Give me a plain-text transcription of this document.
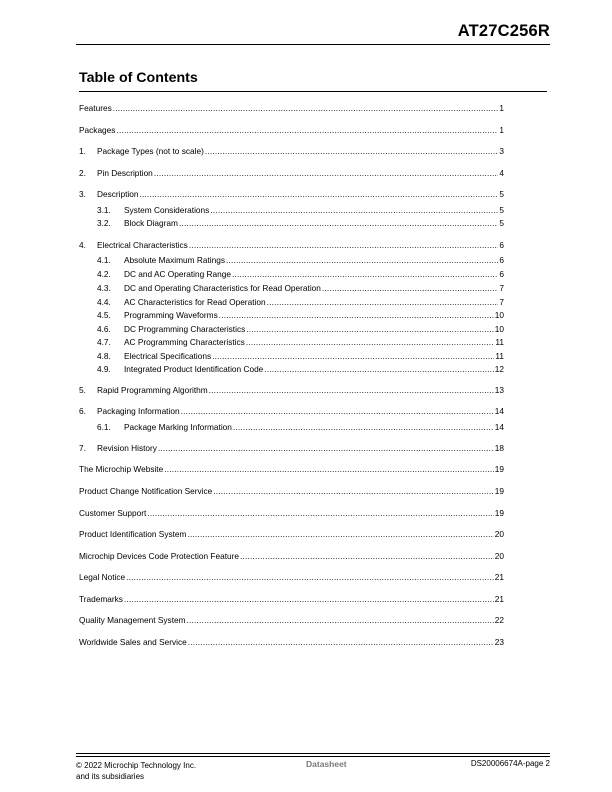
AT27C256R
Table of Contents
Features .....	1
Packages .....	1
1.	Package Types (not to scale) .....	3
2.	Pin Description .....	4
3.	Description .....	5
3.1.	System Considerations .....	5
3.2.	Block Diagram .....	5
4.	Electrical Characteristics .....	6
4.1.	Absolute Maximum Ratings .....	6
4.2.	DC and AC Operating Range .....	6
4.3.	DC and Operating Characteristics for Read Operation .....	7
4.4.	AC Characteristics for Read Operation .....	7
4.5.	Programming Waveforms .....	10
4.6.	DC Programming Characteristics .....	10
4.7.	AC Programming Characteristics .....	11
4.8.	Electrical Specifications .....	11
4.9.	Integrated Product Identification Code .....	12
5.	Rapid Programming Algorithm .....	13
6.	Packaging Information .....	14
6.1.	Package Marking Information .....	14
7.	Revision History .....	18
The Microchip Website .....	19
Product Change Notification Service .....	19
Customer Support .....	19
Product Identification System .....	20
Microchip Devices Code Protection Feature .....	20
Legal Notice .....	21
Trademarks .....	21
Quality Management System .....	22
Worldwide Sales and Service .....	23
© 2022 Microchip Technology Inc.
and its subsidiaries
Datasheet	DS20006674A-page 2
